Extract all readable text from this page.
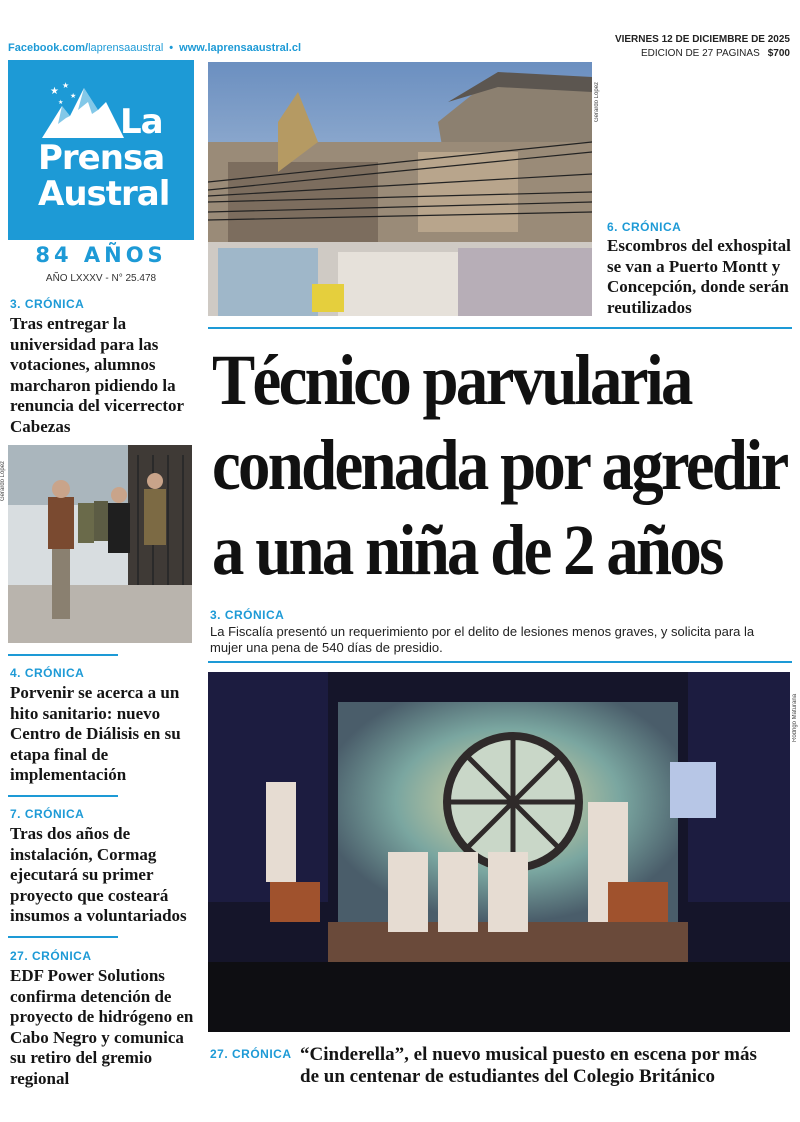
Facebook.com/laprensaaustral • www.laprensaaustral.cl
VIERNES 12 DE DICIEMBRE DE 2025
EDICION DE 27 PAGINAS $700
★
★
★
★	La
Prensa
Austral
84 AÑOS
AÑO LXXXV - N° 25.478
Gerardo López
6. CRÓNICA
Escombros del exhospital se van a Puerto Montt y Concepción, donde serán reutilizados
Técnico parvularia
condenada por agredir
a una niña de 2 años
3. CRÓNICA
La Fiscalía presentó un requerimiento por el delito de lesiones menos graves, y solicita para la mujer una pena de 540 días de presidio.
Rodrigo Maturana
27. CRÓNICA “Cinderella”, el nuevo musical puesto en escena por más de un centenar de estudiantes del Colegio Británico
3. CRÓNICA
Tras entregar la universidad para las votaciones, alumnos marcharon pidiendo la renuncia del vicerrector Cabezas
Gerardo López
4. CRÓNICA
Porvenir se acerca a un hito sanitario: nuevo Centro de Diálisis en su etapa final de implementación
7. CRÓNICA
Tras dos años de instalación, Cormag ejecutará su primer proyecto que costeará insumos a voluntariados
27. CRÓNICA
EDF Power Solutions confirma detención de proyecto de hidrógeno en Cabo Negro y comunica su retiro del gremio regional
